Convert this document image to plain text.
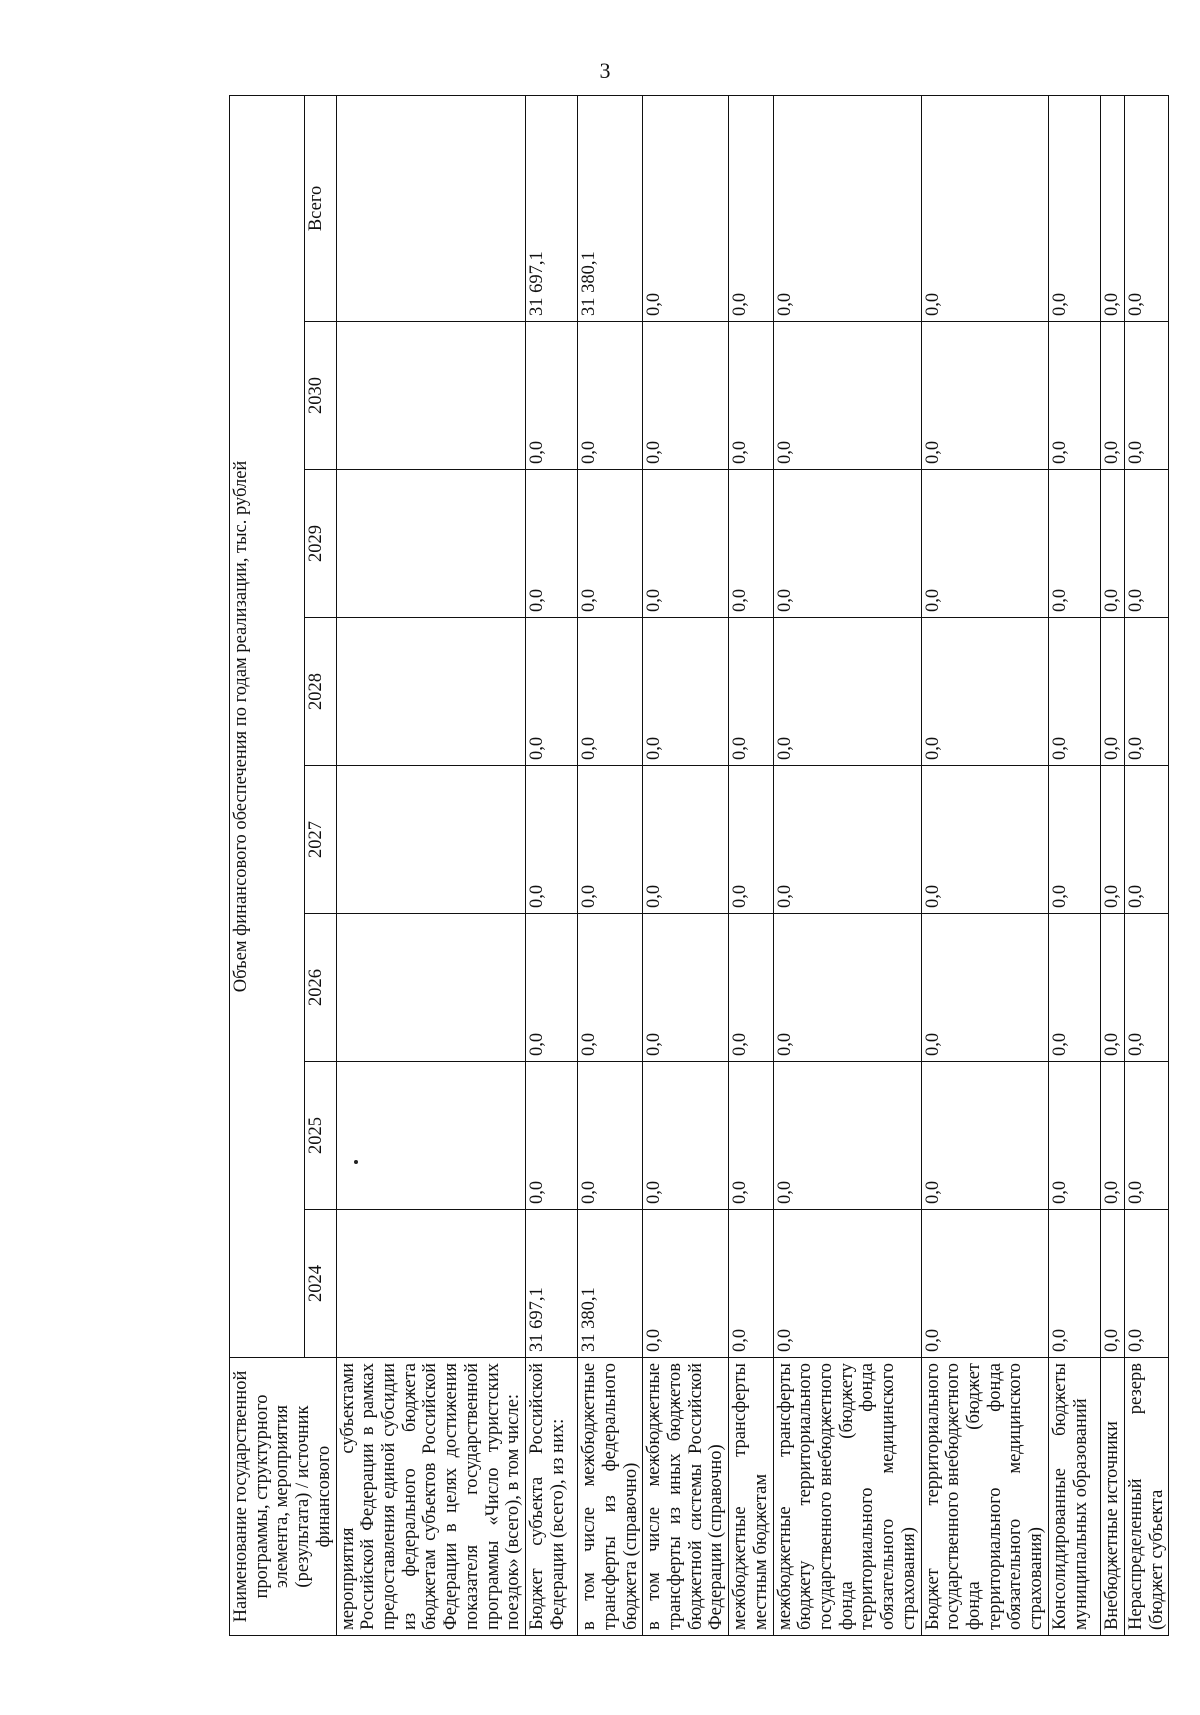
3
Наименование государственной программы, структурного элемента, мероприятия (результата) / источник финансового	Объем финансового обеспечения по годам реализации, тыс. рублей							
	2024	2025	2026	2027	2028	2029	2030	Всего
мероприятия субъектами Российской Федерации в рамках предоставления единой субсидии из федерального бюджета бюджетам субъектов Российской Федерации в целях достижения показателя государственной программы «Число туристских поездок» (всего), в том числе:								
Бюджет субъекта Российской Федерации (всего), из них:	31 697,1	0,0	0,0	0,0	0,0	0,0	0,0	31 697,1
в том числе межбюджетные трансферты из федерального бюджета (справочно)	31 380,1	0,0	0,0	0,0	0,0	0,0	0,0	31 380,1
в том числе межбюджетные трансферты из иных бюджетов бюджетной системы Российской Федерации (справочно)	0,0	0,0	0,0	0,0	0,0	0,0	0,0	0,0
межбюджетные трансферты местным бюджетам	0,0	0,0	0,0	0,0	0,0	0,0	0,0	0,0
межбюджетные трансферты бюджету территориального государственного внебюджетного фонда (бюджету территориального фонда обязательного медицинского страхования)	0,0	0,0	0,0	0,0	0,0	0,0	0,0	0,0
Бюджет территориального государственного внебюджетного фонда (бюджет территориального фонда обязательного медицинского страхования)	0,0	0,0	0,0	0,0	0,0	0,0	0,0	0,0
Консолидированные бюджеты муниципальных образований	0,0	0,0	0,0	0,0	0,0	0,0	0,0	0,0
Внебюджетные источники	0,0	0,0	0,0	0,0	0,0	0,0	0,0	0,0
Нераспределенный резерв (бюджет субъекта	0,0	0,0	0,0	0,0	0,0	0,0	0,0	0,0
